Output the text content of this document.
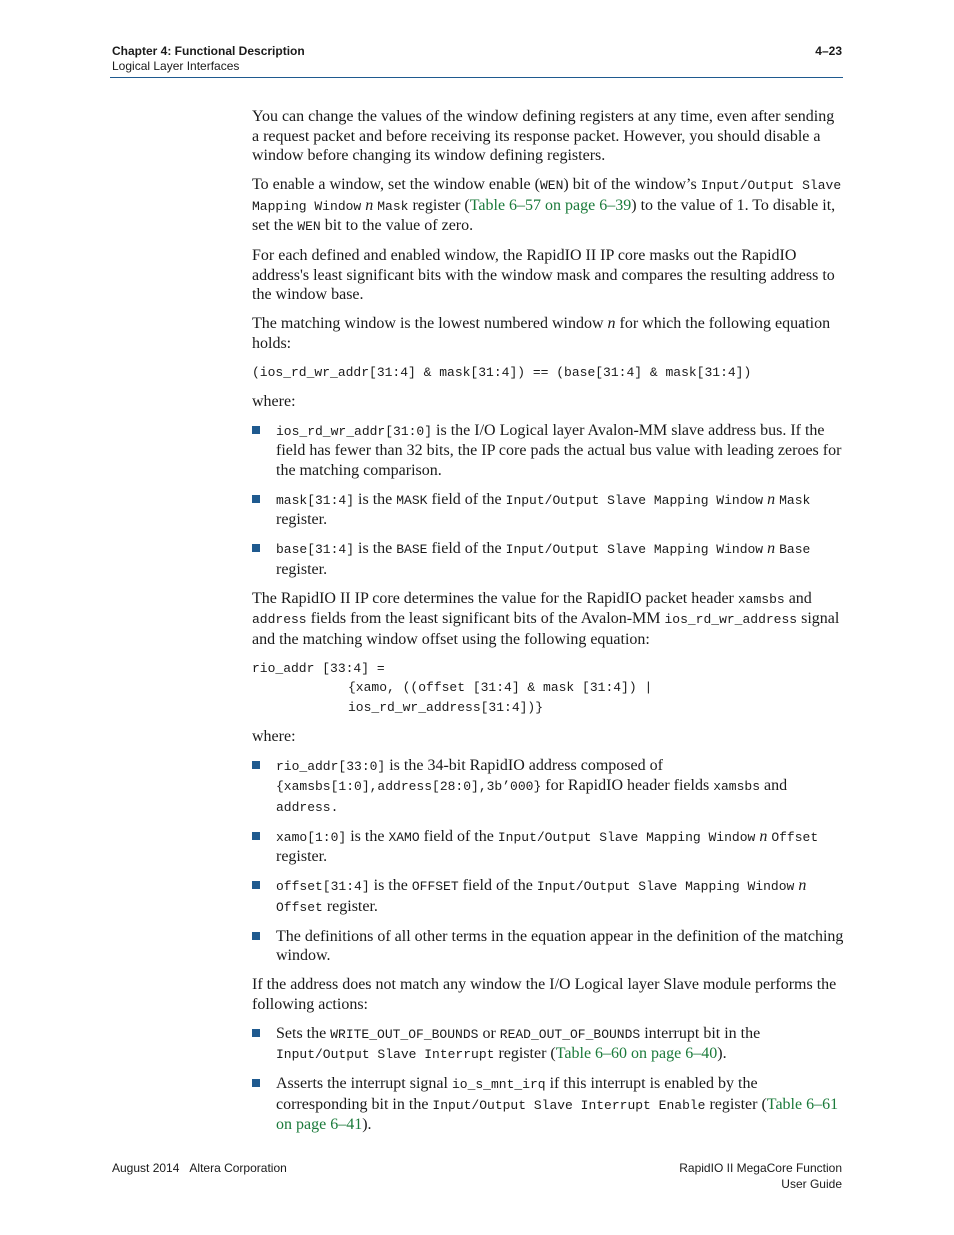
Chapter 4: Functional Description	4–23
Logical Layer Interfaces

You can change the values of the window defining registers at any time, even after sending a request packet and before receiving its response packet. However, you should disable a window before changing its window defining registers.

To enable a window, set the window enable (WEN) bit of the window’s Input/Output Slave Mapping Window n Mask register (Table 6–57 on page 6–39) to the value of 1. To disable it, set the WEN bit to the value of zero.

For each defined and enabled window, the RapidIO II IP core masks out the RapidIO address's least significant bits with the window mask and compares the resulting address to the window base.

The matching window is the lowest numbered window n for which the following equation holds:

(ios_rd_wr_addr[31:4] & mask[31:4]) == (base[31:4] & mask[31:4])

where:

ios_rd_wr_addr[31:0] is the I/O Logical layer Avalon-MM slave address bus. If the field has fewer than 32 bits, the IP core pads the actual bus value with leading zeroes for the matching comparison.
mask[31:4] is the MASK field of the Input/Output Slave Mapping Window n Mask register.
base[31:4] is the BASE field of the Input/Output Slave Mapping Window n Base register.

The RapidIO II IP core determines the value for the RapidIO packet header xamsbs and address fields from the least significant bits of the Avalon-MM ios_rd_wr_address signal and the matching window offset using the following equation:

rio_addr [33:4] =
{xamo, ((offset [31:4] & mask [31:4]) | ios_rd_wr_address[31:4])}

where:

rio_addr[33:0] is the 34-bit RapidIO address composed of {xamsbs[1:0],address[28:0],3b’000} for RapidIO header fields xamsbs and address.
xamo[1:0] is the XAMO field of the Input/Output Slave Mapping Window n Offset register.
offset[31:4] is the OFFSET field of the Input/Output Slave Mapping Window n Offset register.
The definitions of all other terms in the equation appear in the definition of the matching window.

If the address does not match any window the I/O Logical layer Slave module performs the following actions:

Sets the WRITE_OUT_OF_BOUNDS or READ_OUT_OF_BOUNDS interrupt bit in the Input/Output Slave Interrupt register (Table 6–60 on page 6–40).
Asserts the interrupt signal io_s_mnt_irq if this interrupt is enabled by the corresponding bit in the Input/Output Slave Interrupt Enable register (Table 6–61 on page 6–41).
August 2014 Altera Corporation	RapidIO II MegaCore Function
User Guide
